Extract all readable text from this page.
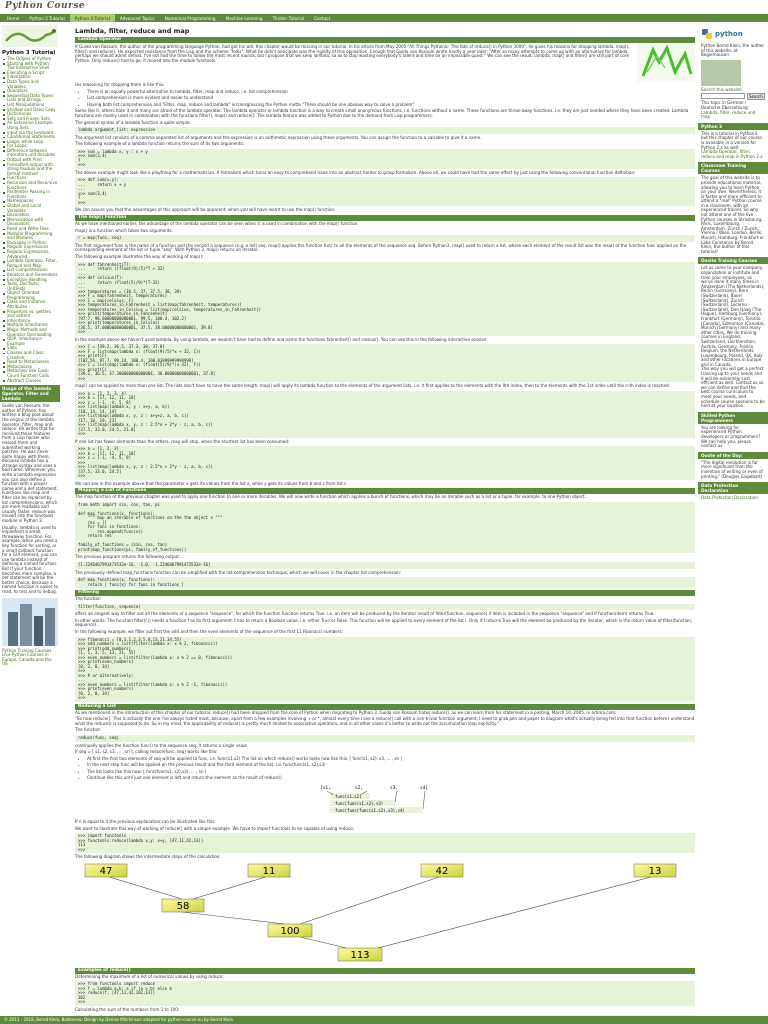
Python Course
Home	Python 2 Tutorial	Python 3 Tutorial	Advanced Topics	Numerical Programming	Machine Learning	Tkinter Tutorial	Contact
Python 3 Tutorial
The Origins of Python
Starting with Python: The Interactive Shell
Executing a Script
Indentation
Data Types and Variables
Operators
Sequential Data Types: Lists and Strings
List Manipulations
Shallow and Deep Copy
Dictionaries
Sets and Frozen Sets
An Extensive Example Using Sets
input via the keyboard
Conditional Statements
Loops, while Loop
For Loops
Difference between interators und Iterables
Output with Print
Formatted output with string modulo and the format method
Functions
Recursion and Recursive Functions
Parameter Passing in Functions
Namespaces
Global and Local Variables
Decorators
Memoization with Decorators
Read and Write Files
Modular Programming and Modules
Packages in Python
Regular Expressions
Regular Expressions, Advanced
Lambda Operator, Filter, Reduce and Map
List Comprehension
Iterators and Generators
Exception Handling
Tests, DocTests, UnitTests
Object Oriented Programming
Class and Instance Attributes
Properties vs. getters and setters
Inheritance
Multiple Inheritance
Magic Methods and Operator Overloading
OOP, Inheritance Example
Slots
Classes and Class Creation
Road to Metaclasses
Metaclasses
Metaclass Use Case: Count Function Calls
Abstract Classes
Usage of the lambda Operator, Filter and Lambda

Guido van Rossum, the author of Python, has written a blog post about the origins of the lambda operator, filter, map and reduce. He writes that he received these features from a Lisp hacker who missed them and submitted working patches. He was never quite happy with them, because lambda has a strange syntax and uses a bad name. Whenever you write a lambda expression you can also define a function with a proper name and a def statement. Functions like map and filter can be replaced by list comprehensions, which are more readable and usually faster. reduce was moved into the functools module in Python 3.

Usually, lambda is used to implement a small, throwaway function. For example, when you need a key function for sorting, or a small callback function for a GUI element, you can use lambda instead of defining a named function. But if your function becomes more complex, a def statement will be the better choice, because a named function is easier to read, to test and to debug.

Python Training Courses

Live Python Courses in Europe, Canada and the US

Lambda, filter, reduce and map
Lambda Operator

If Guido van Rossum, the author of the programming language Python, had got his will, this chapter would be missing in our tutorial. In his article from May 2005 "All Things Pythonic: The fate of reduce() in Python 3000", he gives his reasons for dropping lambda, map(), filter() and reduce(). He expected resistance from the Lisp and the scheme "folks". What he didn't anticipate was the rigidity of this opposition. Enough that Guido van Rossum wrote hardly a year later: "After so many attempts to come up with an alternative for lambda, perhaps we should admit defeat. I've not had the time to follow the most recent rounds, but I propose that we keep lambda, so as to stop wasting everybody's talent and time on an impossible quest." We can see the result: lambda, map() and filter() are still part of core Python. Only reduce() had to go; it moved into the module functools.

His reasoning for dropping them is like this:

• There is an equally powerful alternative to lambda, filter, map and reduce, i.e. list comprehension
• List comprehension is more evident and easier to understand
• Having both list comprehension and "Filter, map, reduce and lambda" is transgressing the Python motto "There should be one obvious way to solve a problem"

Some like it, others hate it and many are afraid of the lambda operator. The lambda operator or lambda function is a way to create small anonymous functions, i.e. functions without a name. These functions are throw-away functions, i.e. they are just needed where they have been created. Lambda functions are mainly used in combination with the functions filter(), map() and reduce(). The lambda feature was added to Python due to the demand from Lisp programmers.

The general syntax of a lambda function is quite simple:

lambda argument_list: expression

The argument list consists of a comma separated list of arguments and the expression is an arithmetic expression using these arguments. You can assign the function to a variable to give it a name.

The following example of a lambda function returns the sum of its two arguments:

>>> sum = lambda x, y : x + y
>>> sum(3,4)
7
>>>

The above example might look like a plaything for a mathematician. A formalism which turns an easy to comprehend issue into an abstract harder to grasp formalism. Above all, we could have had the same effect by just using the following conventional function definition:

>>> def sum(x,y):
...     return x + y
...
>>> sum(3,4)
7
>>>

We can assure you that the advantages of this approach will be apparent, when you will have learnt to use the map() function.

The map() Function

As we have mentioned earlier, the advantage of the lambda operator can be seen when it is used in combination with the map() function.

map() is a function which takes two arguments:

r = map(func, seq)

The first argument func is the name of a function and the second a sequence (e.g. a list) seq. map() applies the function func to all the elements of the sequence seq. Before Python3, map() used to return a list, where each element of the result list was the result of the function func applied on the corresponding element of the list or tuple "seq". With Python 3, map() returns an iterator.

The following example illustrates the way of working of map():

>>> def fahrenheit(T):
...     return ((float(9)/5)*T + 32)
...
>>> def celsius(T):
...     return (float(5)/9)*(T-32)
...
>>> temperatures = (36.5, 37, 37.5, 38, 39)
>>> F = map(fahrenheit, temperatures)
>>> C = map(celsius, F)
>>> temperatures_in_Fahrenheit = list(map(fahrenheit, temperatures))
>>> temperatures_in_Celsius = list(map(celsius, temperatures_in_Fahrenheit))
>>> print(temperatures_in_Fahrenheit)
[97.7, 98.60000000000001, 99.5, 100.4, 102.2]
>>> print(temperatures_in_Celsius)
[36.5, 37.00000000000001, 37.5, 38.00000000000001, 39.0]
>>>

In the example above we haven't used lambda. By using lambda, we wouldn't have had to define and name the functions fahrenheit() and celsius(). You can see this in the following interactive session:

>>> C = [39.2, 36.5, 37.3, 38, 37.8]
>>> F = list(map(lambda x: (float(9)/5)*x + 32, C))
>>> print(F)
[102.56, 97.7, 99.14, 100.4, 100.03999999999999]
>>> C = list(map(lambda x: (float(5)/9)*(x-32), F))
>>> print(C)
[39.2, 36.5, 37.300000000000004, 38.00000000000001, 37.8]
>>>

map() can be applied to more than one list. The lists don't have to have the same length. map() will apply its lambda function to the elements of the argument lists, i.e. it first applies to the elements with the 0th index, then to the elements with the 1st index until the n-th index is reached:

>>> a = [1, 2, 3, 4]
>>> b = [17, 12, 11, 10]
>>> c = [-1, -4, 5, 9]
>>> list(map(lambda x, y : x+y, a, b))
[18, 14, 14, 14]
>>> list(map(lambda x, y, z : x+y+z, a, b, c))
[17, 10, 19, 23]
>>> list(map(lambda x, y, z : 2.5*x + 2*y - z, a, b, c))
[37.5, 33.0, 24.5, 21.0]
>>>

If one list has fewer elements than the others, map will stop, when the shortest list has been consumed:

>>> a = [1, 2, 3]
>>> b = [17, 12, 11, 10]
>>> c = [-1, -4, 5, 9]
>>>
>>> list(map(lambda x, y, z : 2.5*x + 2*y - z, a, b, c))
[37.5, 33.0, 24.5]
>>>

We can see in the example above that the parameter x gets its values from the list a, while y gets its values from b and z from list c.

Mapping a List of Functions

The map function of the previous chapter was used to apply one function to one or more iterables. We will now write a function which applies a bunch of functions, which may be an iterable such as a list or a tuple, for example, to one Python object.

from math import sin, cos, tan, pi

def map_functions(x, functions):
""" map an iterable of functions on the the object x """
res = []
for func in functions:
res.append(func(x))
return res

family_of_functions = (sin, cos, tan)
print(map_functions(pi, family_of_functions))

The previous program returns the following output:

[1.2246467991473532e-16, -1.0, -1.2246467991473532e-16]

The previously defined map_functions function can be simplified with the list comprehension technique, which we will cover in the chapter list comprehension:

def map_functions(x, functions):
return [ func(x) for func in functions ]
Filtering

The function

filter(function, sequence)

offers an elegant way to filter out all the elements of a sequence "sequence", for which the function function returns True. i.e. an item will be produced by the iterator result of filter(function, sequence) if item is included in the sequence "sequence" and if function(item) returns True.

In other words: The function filter(f,l) needs a function f as its first argument. f has to return a Boolean value, i.e. either True or False. This function will be applied to every element of the list l. Only if f returns True will the element be produced by the iterator, which is the return value of filter(function, sequence).

In the following example, we filter out first the odd and then the even elements of the sequence of the first 11 Fibonacci numbers:

>>> fibonacci = [0,1,1,2,3,5,8,13,21,34,55]
>>> odd_numbers = list(filter(lambda x: x % 2, fibonacci))
>>> print(odd_numbers)
[1, 1, 3, 5, 13, 21, 55]
>>> even_numbers = list(filter(lambda x: x % 2 == 0, fibonacci))
>>> print(even_numbers)
[0, 2, 8, 34]
>>>
>>> # or alternatively:
...
>>> even_numbers = list(filter(lambda x: x % 2 -1, fibonacci))
>>> print(even_numbers)
[0, 2, 8, 34]
>>>
Reducing a List

As we mentioned in the introduction of this chapter of our tutorial. reduce() had been dropped from the core of Python when migrating to Python 3. Guido van Rossum hates reduce(), as we can learn from his statement in a posting, March 10, 2005, in artima.com:

"So now reduce(). This is actually the one I've always hated most, because, apart from a few examples involving + or *, almost every time I see a reduce() call with a non-trivial function argument, I need to grab pen and paper to diagram what's actually being fed into that function before I understand what the reduce() is supposed to do. So in my mind, the applicability of reduce() is pretty much limited to associative operators, and in all other cases it's better to write out the accumulation loop explicitly."

The function

reduce(func, seq)

continually applies the function func() to the sequence seq. It returns a single value.

If seq = [ s1, s2, s3, ... , sn ], calling reduce(func, seq) works like this:

• At first the first two elements of seq will be applied to func, i.e. func(s1,s2) The list on which reduce() works looks now like this: [ func(s1, s2), s3, ... , sn ]
• In the next step func will be applied on the previous result and the third element of the list, i.e. func(func(s1, s2),s3)
• The list looks like this now: [ func(func(s1, s2),s3), ... , sn ]
• Continue like this until just one element is left and return this element as the result of reduce()
[s1,	s2,	s3,	s4]
func(s1,s2)
func(func(s1,s2),s3)
func(func(func(s1,s2),s3),s4)

If n is equal to 4 the previous explanation can be illustrated like this:

We want to illustrate this way of working of reduce() with a simple example. We have to import functools to be capable of using reduce:

>>> import functools
>>> functools.reduce(lambda x,y: x+y, [47,11,42,13])
113
>>>

The following diagram shows the intermediate steps of the calculation:

47	11	42	13
58
100
113
Examples of reduce()

Determining the maximum of a list of numerical values by using reduce:

>>> from functools import reduce
>>> f = lambda a,b: a if (a > b) else b
>>> reduce(f, [47,11,42,102,13])
102
>>>

Calculating the sum of the numbers from 1 to 100:

python

Python Bernd Klein, the author of this website, at Bogenhausen

Search this website:

Search

This topic in German / Deutsche Übersetzung:

Lambda, filter, reduce und map

Python 3

This is a tutorial in Python3, but this chapter of our course is available in a version for Python 2.x as well:

Lambda Operator, filter, reduce and map in Python 2.x

Classroom Training Courses

The goal of this website is to provide educational material, allowing you to learn Python on your own. Nevertheless, it is faster and more efficient to attend a "real" Python course in a classroom, with an experienced trainer. So why not attend one of the live Python courses in Strasbourg, Paris, Luxembourg, Amsterdam, Zürich / Zurich, Vienna / Wien, London, Berlin, Munich, Hamburg, Frankfurt or Lake Constance by Bernd Klein, the author of this tutorial?

Onsite Training Courses

Let us come to your company, organization or institute and train your employees, as we've done it many times in Amsterdam (The Netherlands), Berlin (Germany), Bern (Switzerland), Basel (Switzerland), Zurich (Switzerland), Locarno (Switzerland), Den Haag (The Hague), Hamburg (Germany), Frankfurt (Germany), Toronto (Canada), Edmonton (Canada), Munich (Germany) and many other cities. We do training courses in England, Switzerland, Liechtenstein, Austria, Germany, France, Belgium, the Netherlands, Luxembourg, Poland, UK, Italy and other locations in Europe and in Canada.

This way you will get a perfect training up to your needs and it will be extremely cost efficient as well. Contact us so we can define and find the best course curriculum to meet your needs, and schedule course sessions to be held at your location.

Skilled Python Programmers

You are looking for experienced Python developers or programmers? We can help you, please contact us.

Quote of the Day:

"The digital revolution is far more significant than the invention of writing or even of printing." (Douglas Engelbart)

Data Protection Declaration

Data Protection Declaration

© 2011 - 2018, Bernd Klein, Bodenseo; Design by Denise Mitchinson adapted for python-course.eu by Bernd Klein
